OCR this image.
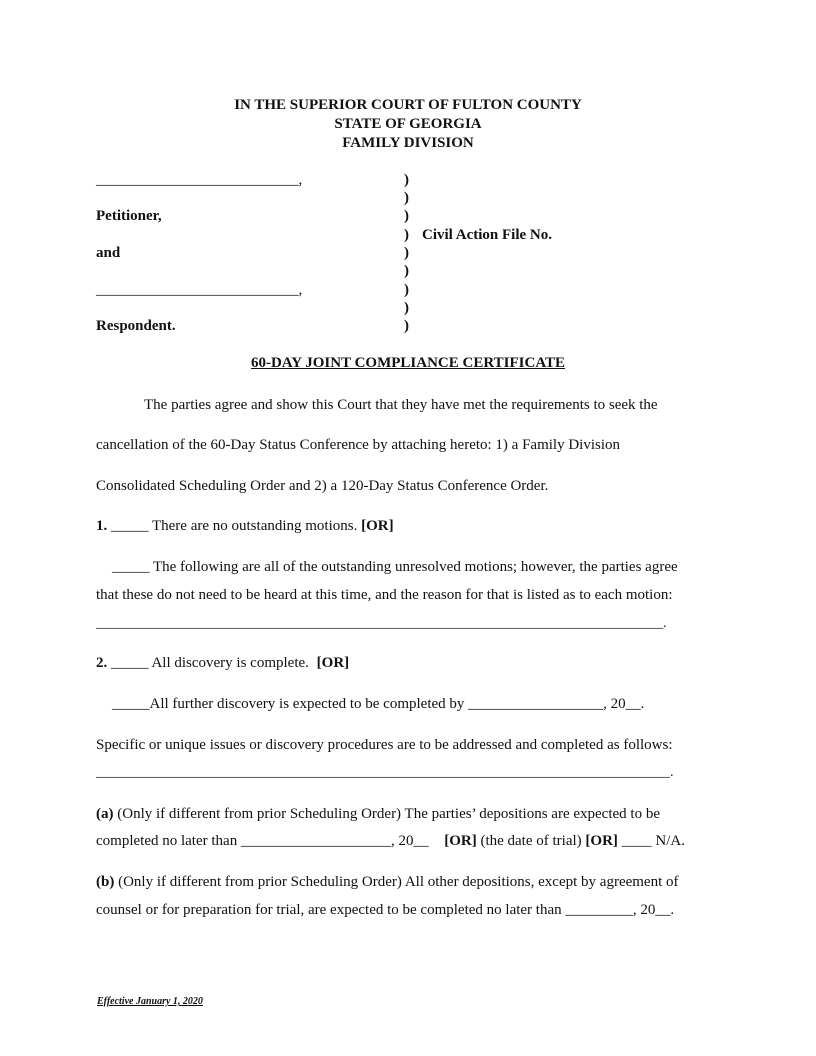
IN THE SUPERIOR COURT OF FULTON COUNTY
STATE OF GEORGIA
FAMILY DIVISION
___________________________,
Petitioner,
and
___________________________,
Respondent.
)
)
)
)
)
)
)
)
)
Civil Action File No.
60-DAY JOINT COMPLIANCE CERTIFICATE
The parties agree and show this Court that they have met the requirements to seek the
cancellation of the 60-Day Status Conference by attaching hereto: 1) a Family Division
Consolidated Scheduling Order and 2) a 120-Day Status Conference Order.
1. _____ There are no outstanding motions. [OR]
_____ The following are all of the outstanding unresolved motions; however, the parties agree
that these do not need to be heard at this time, and the reason for that is listed as to each motion:
_________________________________________________________________________________.
2. _____ All discovery is complete. [OR]
_____All further discovery is expected to be completed by __________________, 20__.
Specific or unique issues or discovery procedures are to be addressed and completed as follows:
__________________________________________________________________________________.
(a) (Only if different from prior Scheduling Order) The parties’ depositions are expected to be
completed no later than ____________________, 20__ [OR] (the date of trial) [OR] ____ N/A.
(b) (Only if different from prior Scheduling Order) All other depositions, except by agreement of
counsel or for preparation for trial, are expected to be completed no later than _________, 20__.
Effective January 1, 2020
